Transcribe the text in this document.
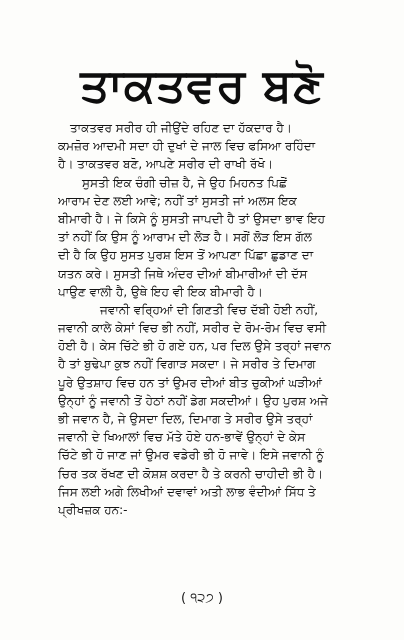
ਤਾਕਤਵਰ ਬਣੋ
ਤਾਕਤਵਰ ਸਰੀਰ ਹੀ ਜੀਉਂਦੇ ਰਹਿਣ ਦਾ ਹੱਕਦਾਰ ਹੈ।
ਕਮਜ਼ੋਰ ਆਦਮੀ ਸਦਾ ਹੀ ਦੁਖਾਂ ਦੇ ਜਾਲ ਵਿਚ ਫਸਿਆ ਰਹਿੰਦਾ
ਹੈ। ਤਾਕਤਵਰ ਬਣੋ, ਆਪਣੇ ਸਰੀਰ ਦੀ ਰਾਖੀ ਰੱਖੋ।
ਸੁਸਤੀ ਇਕ ਚੰਗੀ ਚੀਜ਼ ਹੈ, ਜੇ ਉਹ ਮਿਹਨਤ ਪਿਛੋਂ
ਆਰਾਮ ਦੇਣ ਲਈ ਆਵੇ; ਨਹੀਂ ਤਾਂ ਸੁਸਤੀ ਜਾਂ ਅਲਸ ਇਕ
ਬੀਮਾਰੀ ਹੈ। ਜੇ ਕਿਸੇ ਨੂੰ ਸੁਸਤੀ ਜਾਪਦੀ ਹੈ ਤਾਂ ਉਸਦਾ ਭਾਵ ਇਹ
ਤਾਂ ਨਹੀਂ ਕਿ ਉਸ ਨੂੰ ਆਰਾਮ ਦੀ ਲੋੜ ਹੈ। ਸਗੋਂ ਲੋੜ ਇਸ ਗੱਲ
ਦੀ ਹੈ ਕਿ ਉਹ ਸੁਸਤ ਪੁਰਸ਼ ਇਸ ਤੋਂ ਆਪਣਾ ਪਿੱਛਾ ਛੁਡਾਣ ਦਾ
ਯਤਨ ਕਰੇ। ਸੁਸਤੀ ਜਿਥੇ ਅੰਦਰ ਦੀਆਂ ਬੀਮਾਰੀਆਂ ਦੀ ਦੱਸ
ਪਾਉਣ ਵਾਲੀ ਹੈ, ਉਥੇ ਇਹ ਵੀ ਇਕ ਬੀਮਾਰੀ ਹੈ।
ਜਵਾਨੀ ਵਰ੍ਹਿਆਂ ਦੀ ਗਿਣਤੀ ਵਿਚ ਦੱਬੀ ਹੋਈ ਨਹੀਂ,
ਜਵਾਨੀ ਕਾਲੇ ਕੇਸਾਂ ਵਿਚ ਭੀ ਨਹੀਂ, ਸਰੀਰ ਦੇ ਰੋਮ-ਰੋਮ ਵਿਚ ਵਸੀ
ਹੋਈ ਹੈ। ਕੇਸ ਚਿੱਟੇ ਭੀ ਹੋ ਗਏ ਹਨ, ਪਰ ਦਿਲ ਉਸੇ ਤਰ੍ਹਾਂ ਜਵਾਨ
ਹੈ ਤਾਂ ਬੁਢੇਪਾ ਕੁਝ ਨਹੀਂ ਵਿਗਾੜ ਸਕਦਾ। ਜੇ ਸਰੀਰ ਤੇ ਦਿਮਾਗ
ਪੂਰੇ ਉਤਸ਼ਾਹ ਵਿਚ ਹਨ ਤਾਂ ਉਮਰ ਦੀਆਂ ਬੀਤ ਚੁਕੀਆਂ ਘੜੀਆਂ
ਉਨ੍ਹਾਂ ਨੂੰ ਜਵਾਨੀ ਤੋਂ ਹੇਠਾਂ ਨਹੀਂ ਡੇਗ ਸਕਦੀਆਂ। ਉਹ ਪੁਰਸ਼ ਅਜੇ
ਭੀ ਜਵਾਨ ਹੈ, ਜੇ ਉਸਦਾ ਦਿਲ, ਦਿਮਾਗ ਤੇ ਸਰੀਰ ਉਸੇ ਤਰ੍ਹਾਂ
ਜਵਾਨੀ ਦੇ ਖਿਆਲਾਂ ਵਿਚ ਮੱਤੇ ਹੋਏ ਹਨ-ਭਾਵੇਂ ਉਨ੍ਹਾਂ ਦੇ ਕੇਸ
ਚਿੱਟੇ ਭੀ ਹੋ ਜਾਣ ਜਾਂ ਉਮਰ ਵਡੇਰੀ ਭੀ ਹੋ ਜਾਵੇ। ਇਸੇ ਜਵਾਨੀ ਨੂੰ
ਚਿਰ ਤਕ ਰੱਖਣ ਦੀ ਕੋਸ਼ਸ਼ ਕਰਦਾ ਹੈ ਤੇ ਕਰਨੀ ਚਾਹੀਦੀ ਭੀ ਹੈ।
ਜਿਸ ਲਈ ਅਗੇ ਲਿਖੀਆਂ ਦਵਾਵਾਂ ਅਤੀ ਲਾਭ ਵੰਦੀਆਂ ਸਿੱਧ ਤੇ
ਪ੍ਰੀਖਜ਼ਕ ਹਨ:-
( ੧੨੭ )
